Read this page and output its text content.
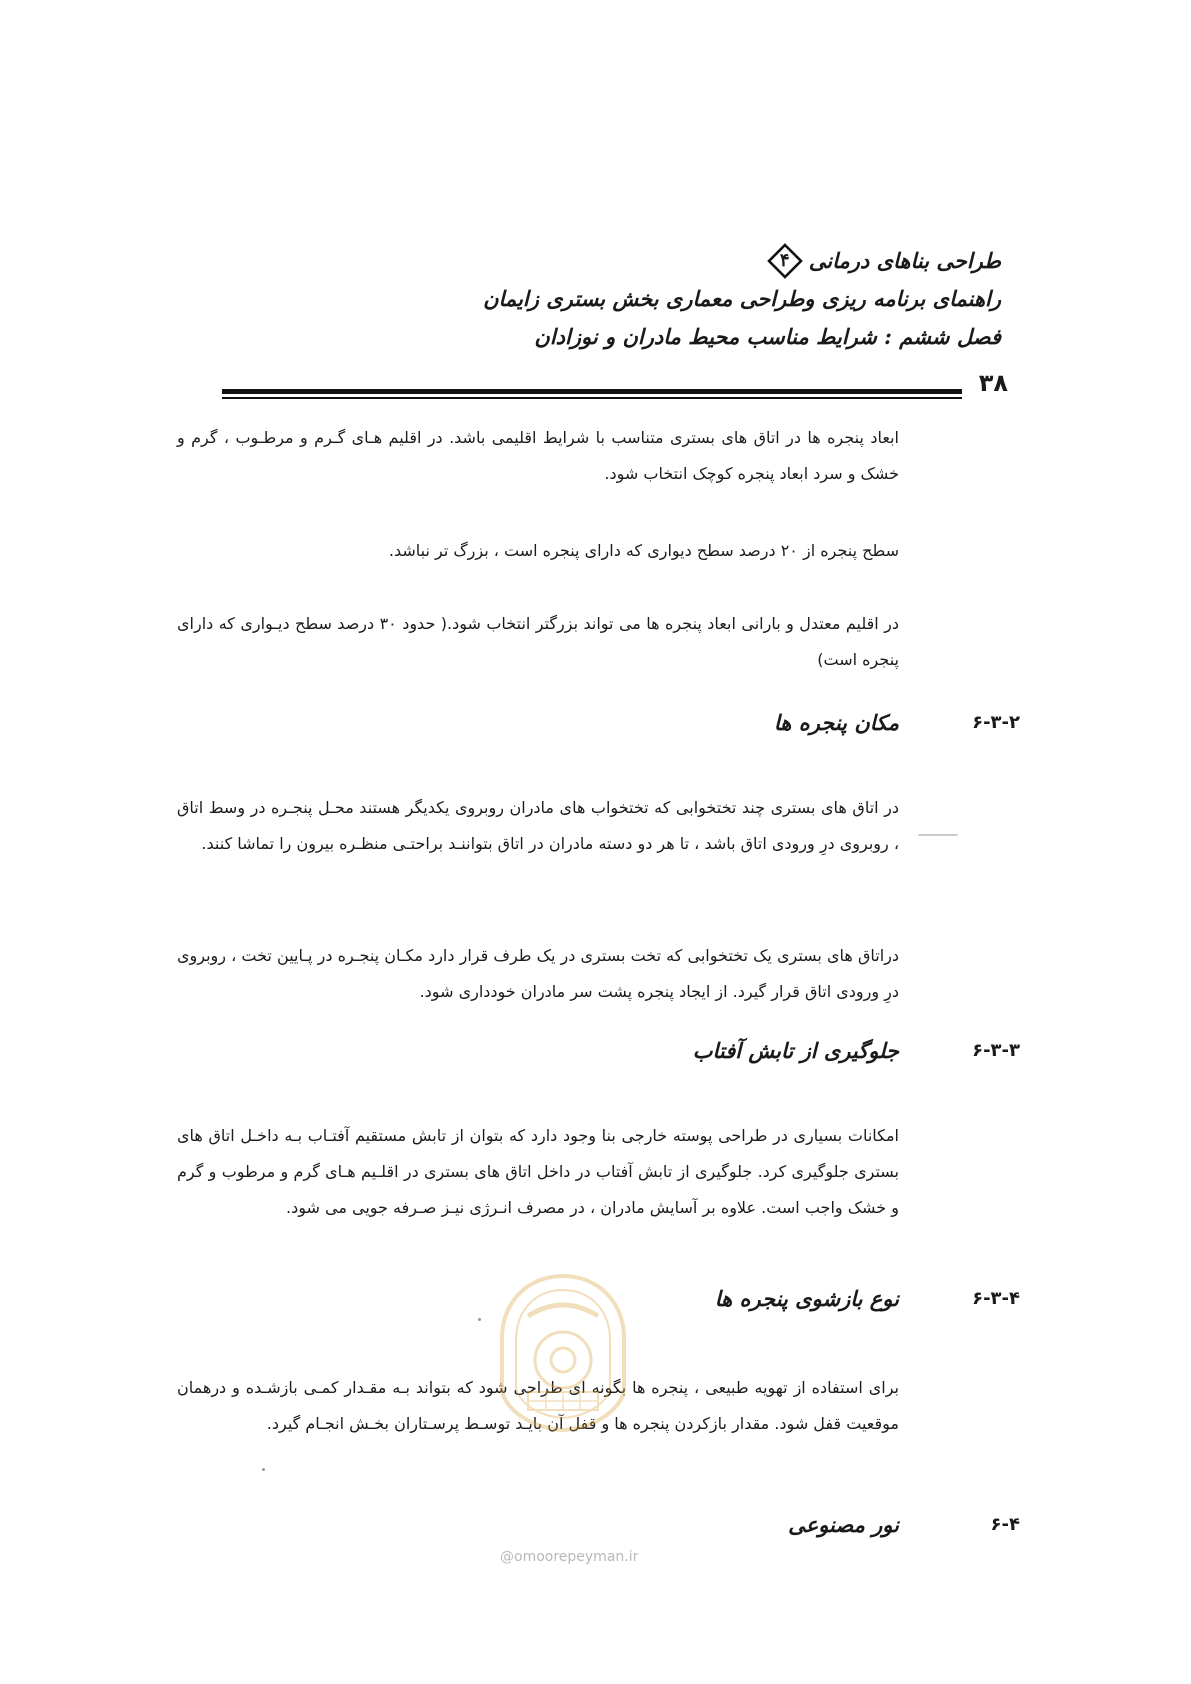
طراحی بناهای درمانی
۴
راهنمای برنامه ریزی وطراحی معماری بخش بستری زایمان
فصل ششم : شرایط مناسب محیط مادران و نوزادان
۳۸
ابعاد پنجره ها در اتاق های بستری متناسب با شرایط اقلیمی باشد. در اقلیم هـای گـرم و مرطـوب ، گرم و خشک و سرد ابعاد پنجره کوچک انتخاب شود.
سطح پنجره از ۲۰ درصد سطح دیواری که دارای پنجره است ، بزرگ تر نباشد.
در اقلیم معتدل و بارانی ابعاد پنجره ها می تواند بزرگتر انتخاب شود.( حدود ۳۰ درصد سطح دیـواری که دارای پنجره است)
۶-۳-۲
مکان پنجره ها
در اتاق های بستری چند تختخوابی که تختخواب های مادران روبروی یکدیگر هستند محـل پنجـره در وسط اتاق ، روبروی درِ ورودی اتاق باشد ، تا هر دو دسته مادران در اتاق بتواننـد براحتـی منظـره بیرون را تماشا کنند.
دراتاق های بستری یک تختخوابی که تخت بستری در یک طرف قرار دارد مکـان پنجـره در پـایین تخت ، روبروی درِ ورودی اتاق قرار گیرد. از ایجاد پنجره پشت سر مادران خودداری شود.
۶-۳-۳
جلوگیری از تابش آفتاب
امکانات بسیاری در طراحی پوسته خارجی بنا وجود دارد که بتوان از تابش مستقیم آفتـاب بـه داخـل اتاق های بستری جلوگیری کرد. جلوگیری از تابش آفتاب در داخل اتاق های بستری در اقلـیم هـای گرم و مرطوب و گرم و خشک واجب است. علاوه بر آسایش مادران ، در مصرف انـرژی نیـز صـرفه جویی می شود.
۶-۳-۴
نوع بازشوی پنجره ها
برای استفاده از تهویه طبیعی ، پنجره ها بگونه ای طراحی شود که بتواند بـه مقـدار کمـی بازشـده و درهمان موقعیت قفل شود. مقدار بازکردن پنجره ها و قفل آن بایـد توسـط پرسـتاران بخـش انجـام گیرد.
۶-۴
نور مصنوعی
@omoorepeyman.ir
